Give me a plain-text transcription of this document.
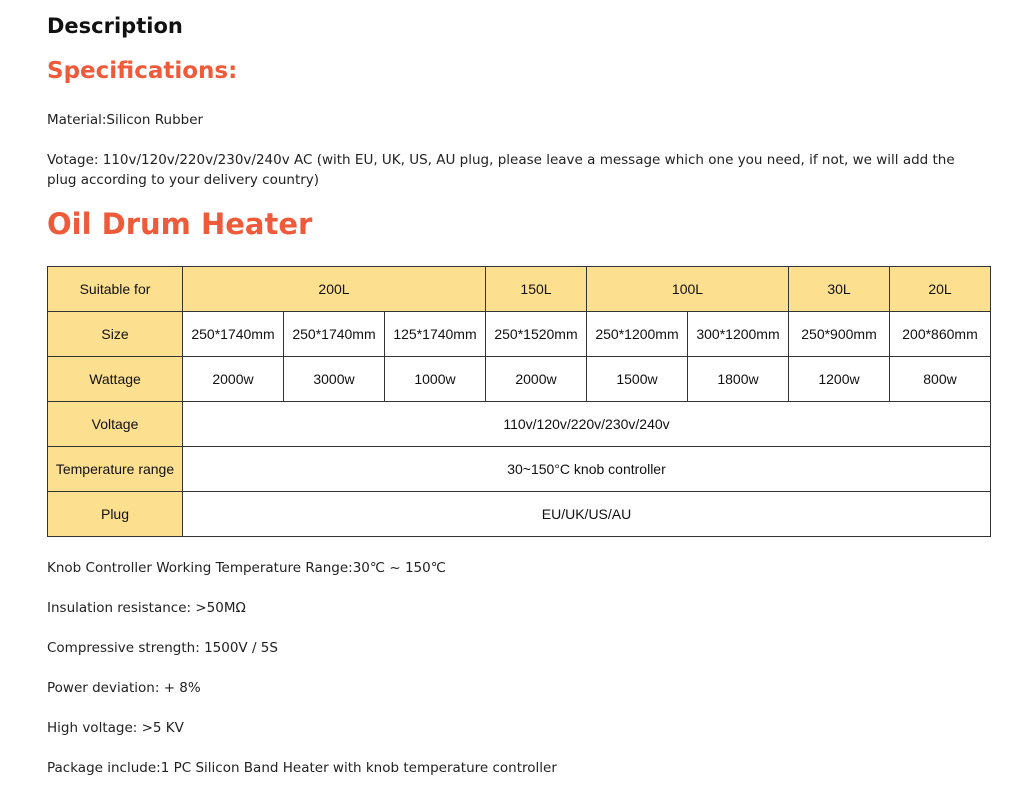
Description
Specifications:

Material:Silicon Rubber

Votage: 110v/120v/220v/230v/240v AC (with EU, UK, US, AU plug, please leave a message which one you need, if not, we will add the plug according to your delivery country)

Oil Drum Heater
Suitable for	200L			150L	100L		30L	20L
Size	250*1740mm	250*1740mm	125*1740mm	250*1520mm	250*1200mm	300*1200mm	250*900mm	200*860mm
Wattage	2000w	3000w	1000w	2000w	1500w	1800w	1200w	800w
Voltage	110v/120v/220v/230v/240v							
Temperature range	30~150°C knob controller							
Plug	EU/UK/US/AU							

Knob Controller Working Temperature Range:30℃ ~ 150℃

Insulation resistance: >50MΩ

Compressive strength: 1500V / 5S

Power deviation: + 8%

High voltage: >5 KV

Package include:1 PC Silicon Band Heater with knob temperature controller
